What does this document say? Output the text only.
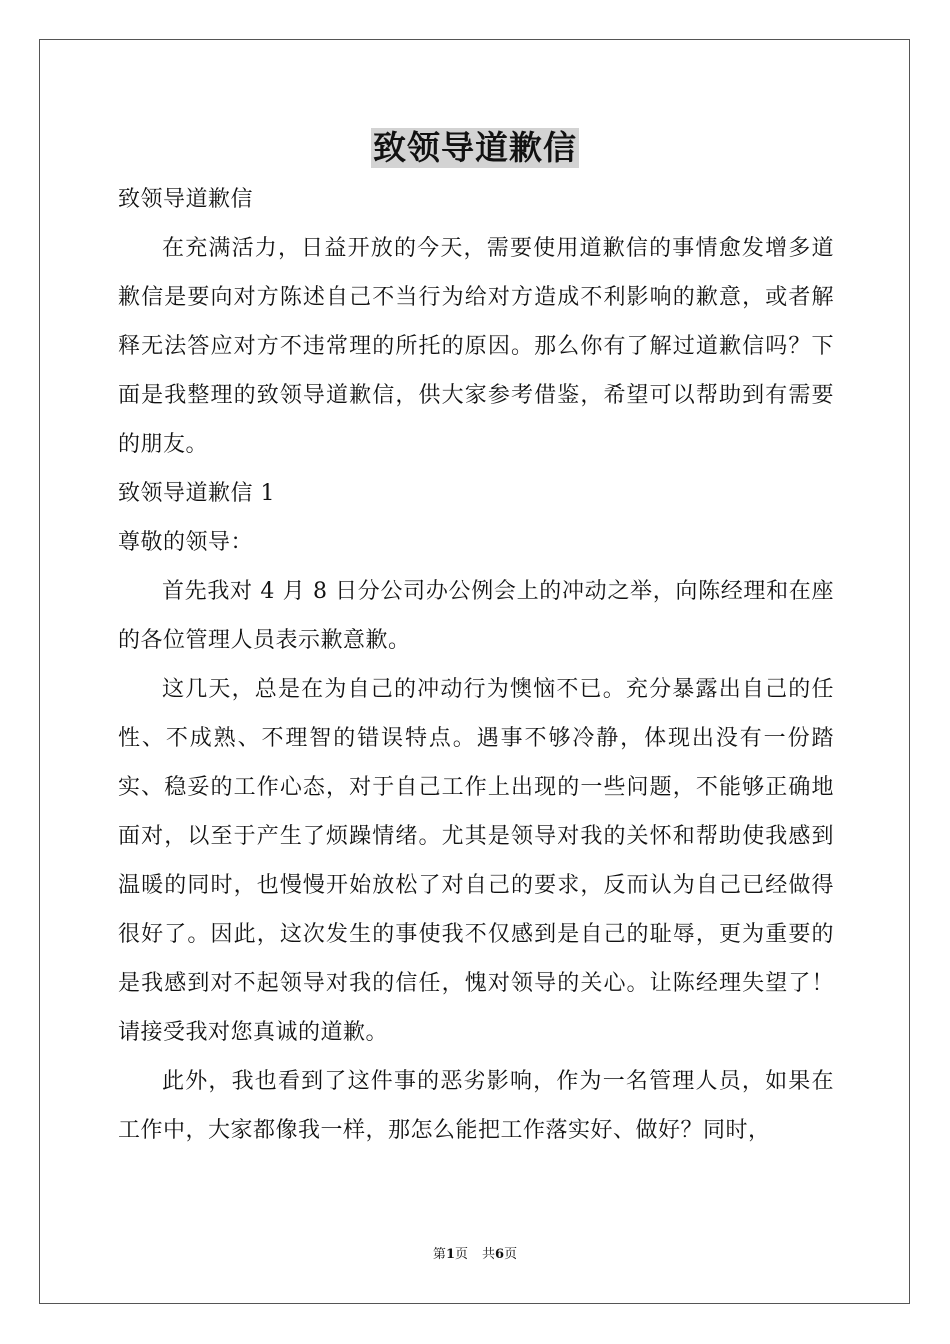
致领导道歉信

致领导道歉信

在充满活力，日益开放的今天，需要使用道歉信的事情愈发增多道歉信是要向对方陈述自己不当行为给对方造成不利影响的歉意，或者解释无法答应对方不违常理的所托的原因。那么你有了解过道歉信吗？下面是我整理的致领导道歉信，供大家参考借鉴，希望可以帮助到有需要的朋友。

致领导道歉信 1

尊敬的领导：

首先我对 4 月 8 日分公司办公例会上的冲动之举，向陈经理和在座的各位管理人员表示歉意歉。

这几天，总是在为自己的冲动行为懊恼不已。充分暴露出自己的任性、不成熟、不理智的错误特点。遇事不够冷静，体现出没有一份踏实、稳妥的工作心态，对于自己工作上出现的一些问题，不能够正确地面对，以至于产生了烦躁情绪。尤其是领导对我的关怀和帮助使我感到温暖的同时，也慢慢开始放松了对自己的要求，反而认为自己已经做得很好了。因此，这次发生的事使我不仅感到是自己的耻辱，更为重要的是我感到对不起领导对我的信任，愧对领导的关心。让陈经理失望了！请接受我对您真诚的道歉。

此外，我也看到了这件事的恶劣影响，作为一名管理人员，如果在工作中，大家都像我一样，那怎么能把工作落实好、做好？同时，

第1页 共6页
